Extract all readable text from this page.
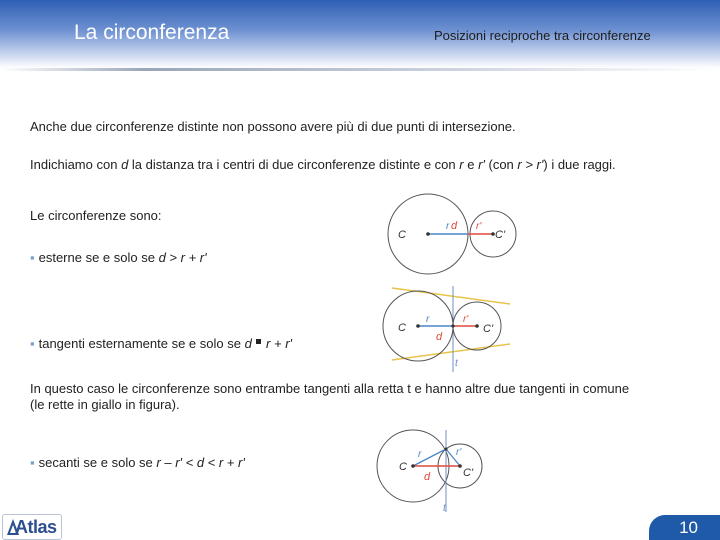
La circonferenza	Posizioni reciproche tra circonferenze
Anche due circonferenze distinte non possono avere più di due punti di intersezione.
Indichiamo con d la distanza tra i centri di due circonferenze distinte e con r e r' (con r > r') i due raggi.
Le circonferenze sono:
▪ esterne se e solo se d > r + r'
▪ tangenti esternamente se e solo se d  r + r'
In questo caso le circonferenze sono entrambe tangenti alla retta t e hanno altre due tangenti in comune (le rette in giallo in figura).
▪ secanti se e solo se r – r' < d < r + r'
C	C'
r d r'
C	C'
r	r'
d
t
C	C'
r	r'
d
t
Atlas	10
